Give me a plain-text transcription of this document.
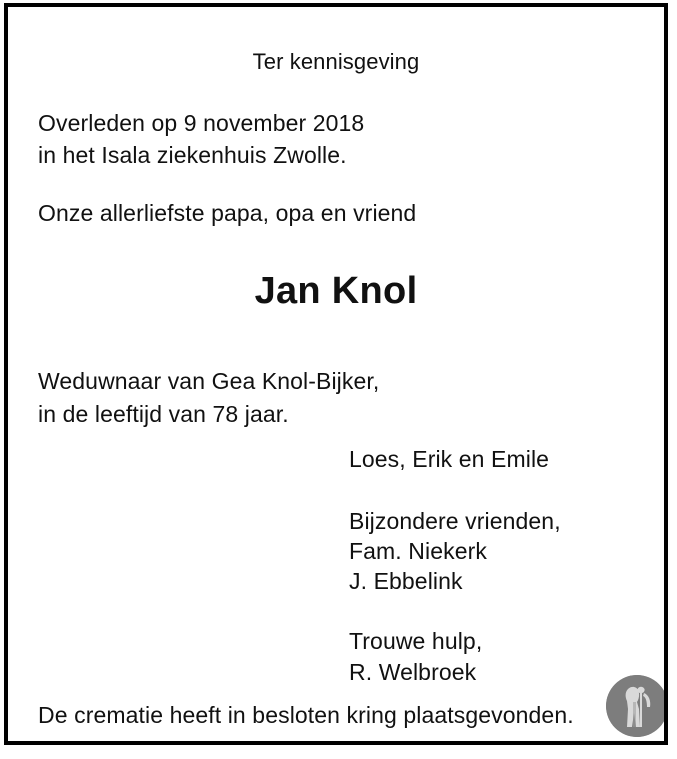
Ter kennisgeving
Overleden op 9 november 2018
in het Isala ziekenhuis Zwolle.
Onze allerliefste papa, opa en vriend
Jan Knol
Weduwnaar van Gea Knol-Bijker,
in de leeftijd van 78 jaar.
Loes, Erik en Emile
Bijzondere vrienden,
Fam. Niekerk
J. Ebbelink
Trouwe hulp,
R. Welbroek
De crematie heeft in besloten kring plaatsgevonden.
